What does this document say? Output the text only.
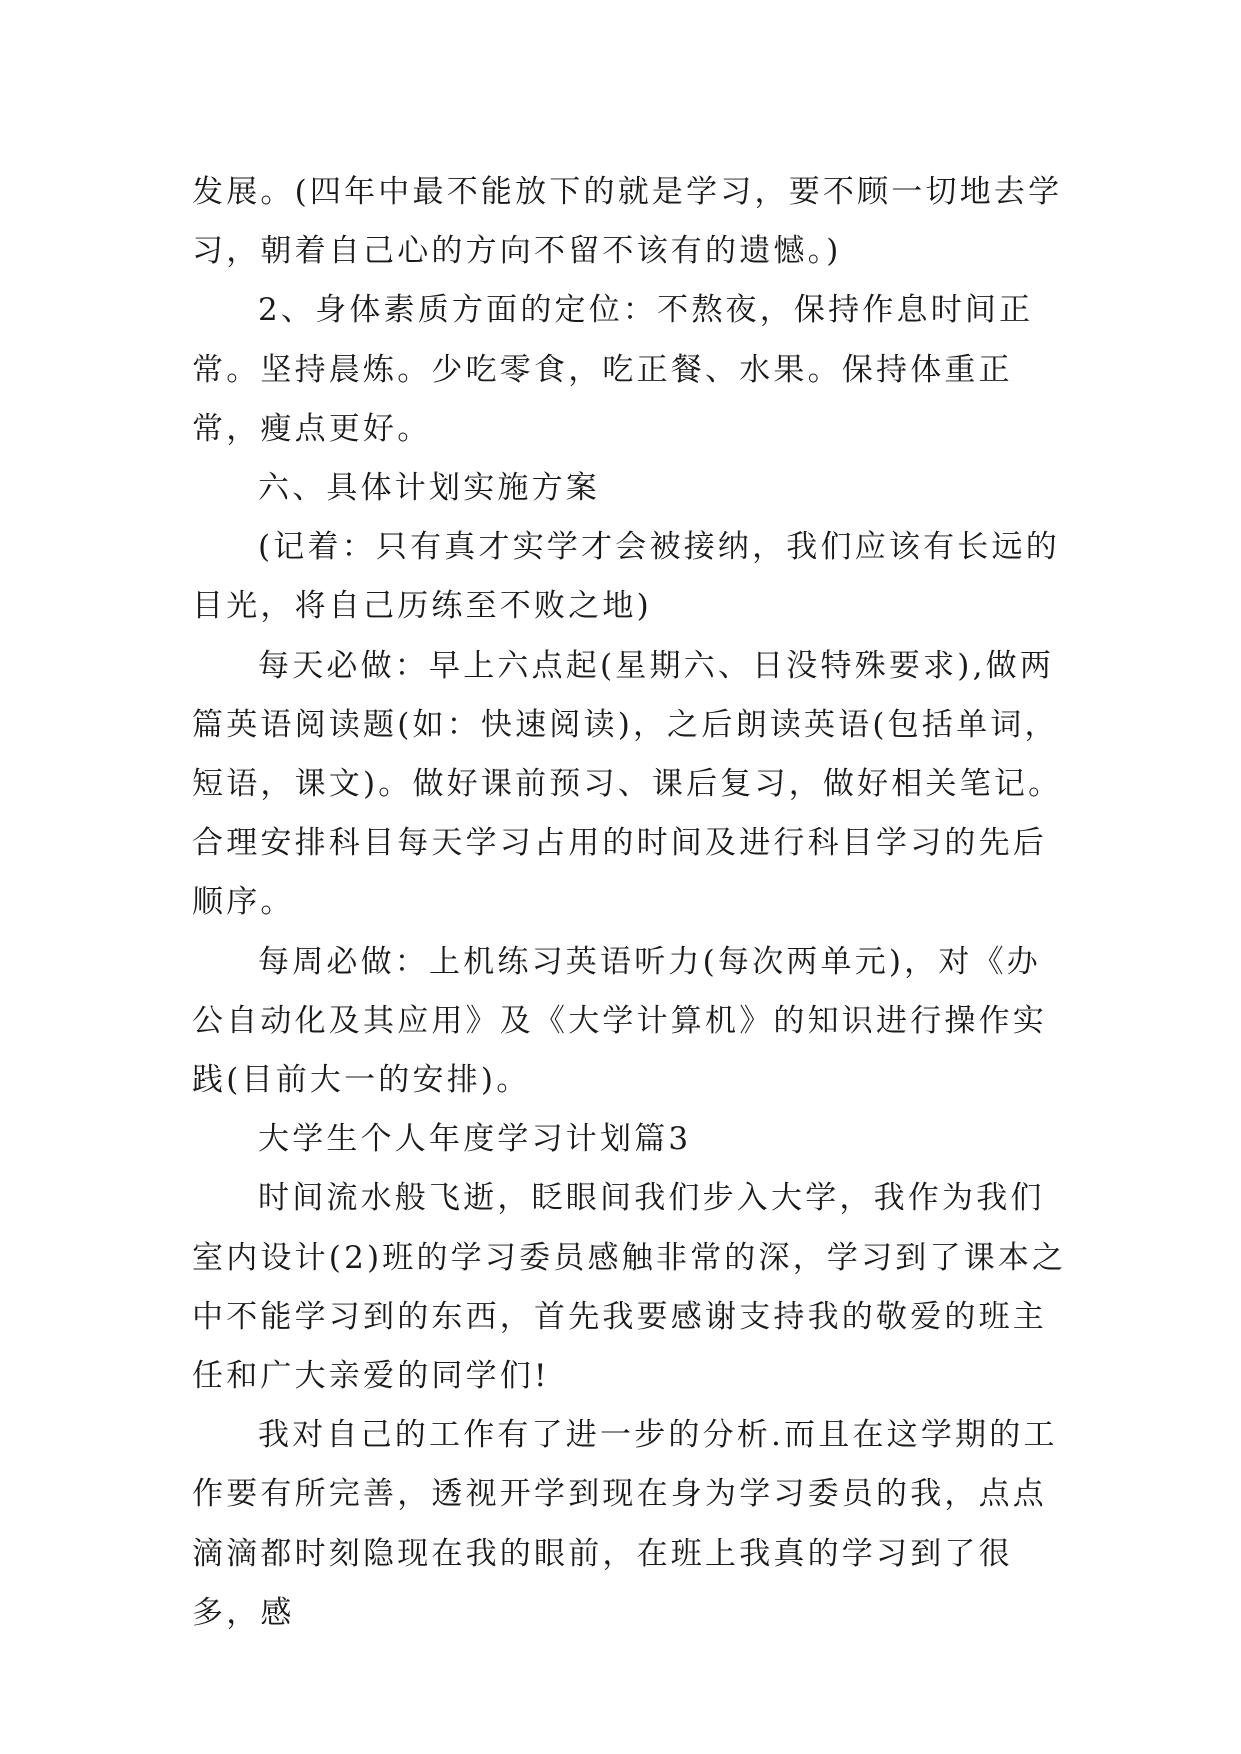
发展。(四年中最不能放下的就是学习，要不顾一切地去学习，朝着自己心的方向不留不该有的遗憾。)

2、身体素质方面的定位：不熬夜，保持作息时间正常。坚持晨炼。少吃零食，吃正餐、水果。保持体重正常，瘦点更好。

六、具体计划实施方案

(记着：只有真才实学才会被接纳，我们应该有长远的目光，将自己历练至不败之地)

每天必做：早上六点起(星期六、日没特殊要求),做两篇英语阅读题(如：快速阅读)，之后朗读英语(包括单词，短语，课文)。做好课前预习、课后复习，做好相关笔记。合理安排科目每天学习占用的时间及进行科目学习的先后顺序。

每周必做：上机练习英语听力(每次两单元)，对《办公自动化及其应用》及《大学计算机》的知识进行操作实践(目前大一的安排)。

大学生个人年度学习计划篇3

时间流水般飞逝，眨眼间我们步入大学，我作为我们室内设计(2)班的学习委员感触非常的深，学习到了课本之中不能学习到的东西，首先我要感谢支持我的敬爱的班主任和广大亲爱的同学们!

我对自己的工作有了进一步的分析.而且在这学期的工作要有所完善，透视开学到现在身为学习委员的我，点点滴滴都时刻隐现在我的眼前，在班上我真的学习到了很多，感
